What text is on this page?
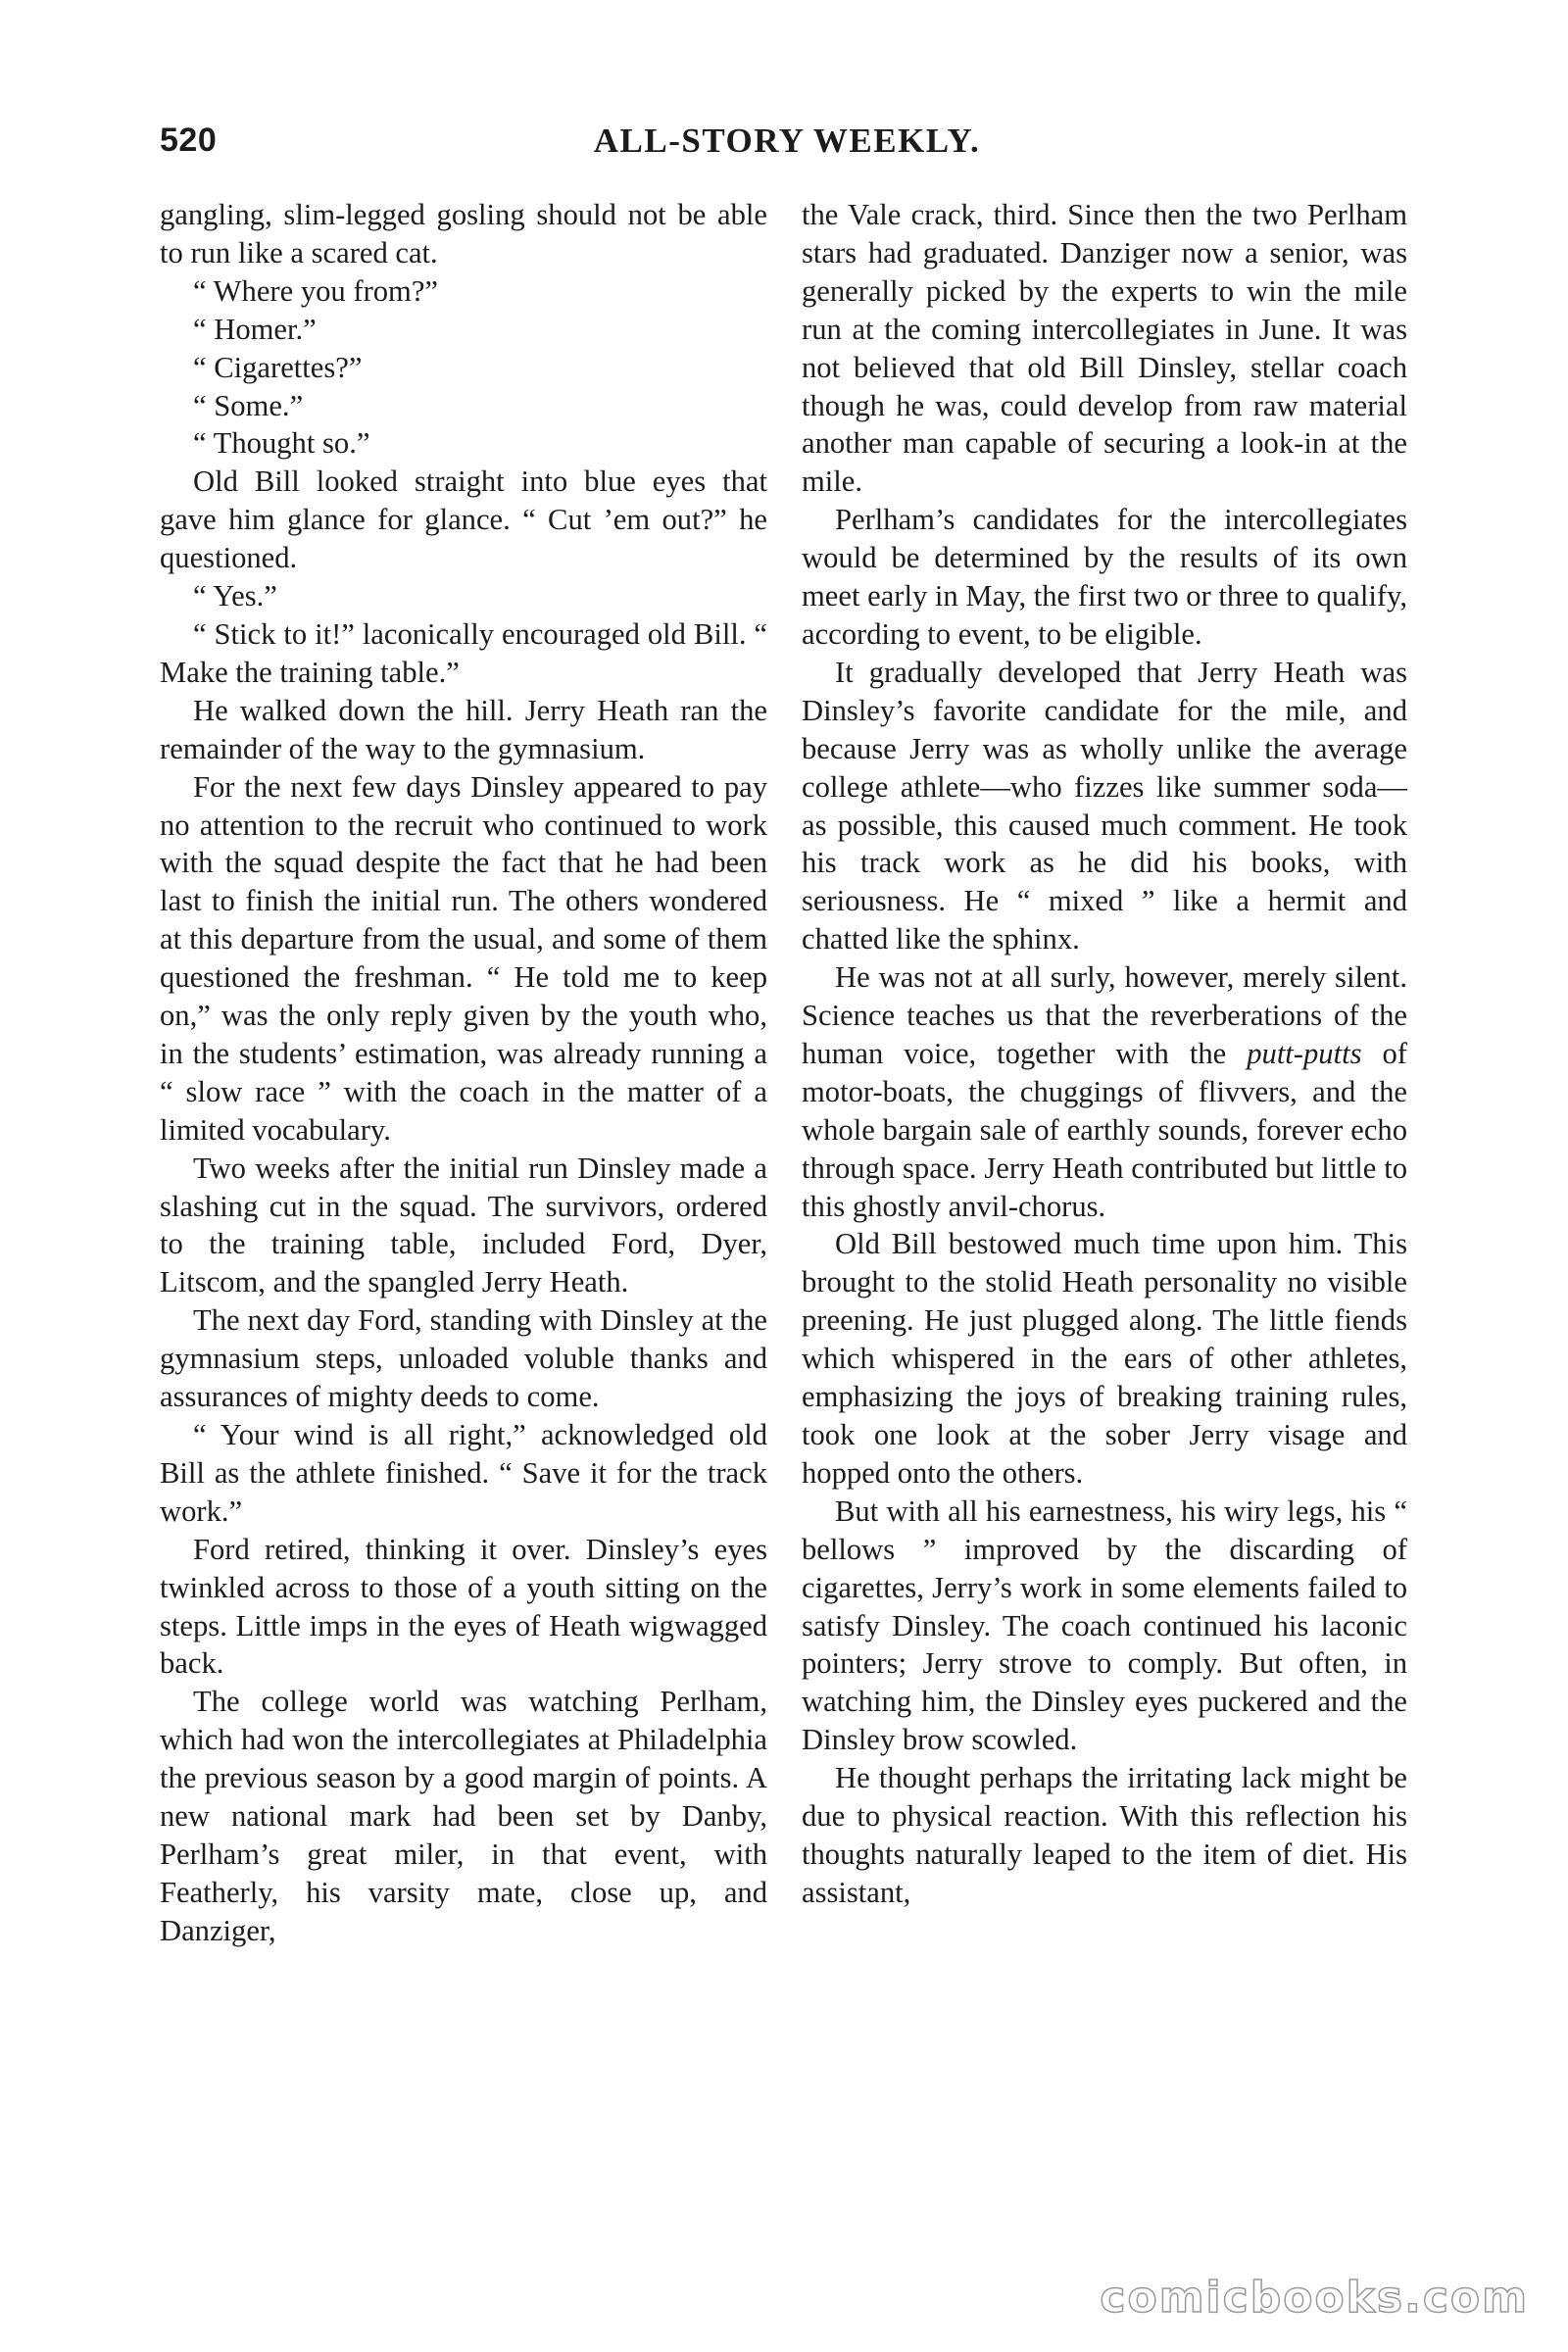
520	ALL-STORY WEEKLY.

gangling, slim-legged gosling should not be able to run like a scared cat.

“ Where you from?”

“ Homer.”

“ Cigarettes?”

“ Some.”

“ Thought so.”

Old Bill looked straight into blue eyes that gave him glance for glance. “ Cut ’em out?” he questioned.

“ Yes.”

“ Stick to it!” laconically encouraged old Bill. “ Make the training table.”

He walked down the hill. Jerry Heath ran the remainder of the way to the gymnasium.

For the next few days Dinsley appeared to pay no attention to the recruit who continued to work with the squad despite the fact that he had been last to finish the initial run. The others wondered at this departure from the usual, and some of them questioned the freshman. “ He told me to keep on,” was the only reply given by the youth who, in the students’ estimation, was already running a “ slow race ” with the coach in the matter of a limited vocabulary.

Two weeks after the initial run Dinsley made a slashing cut in the squad. The survivors, ordered to the training table, included Ford, Dyer, Litscom, and the spangled Jerry Heath.

The next day Ford, standing with Dinsley at the gymnasium steps, unloaded voluble thanks and assurances of mighty deeds to come.

“ Your wind is all right,” acknowledged old Bill as the athlete finished. “ Save it for the track work.”

Ford retired, thinking it over. Dinsley’s eyes twinkled across to those of a youth sitting on the steps. Little imps in the eyes of Heath wigwagged back.

The college world was watching Perlham, which had won the intercollegiates at Philadelphia the previous season by a good margin of points. A new national mark had been set by Danby, Perlham’s great miler, in that event, with Featherly, his varsity mate, close up, and Danziger,

the Vale crack, third. Since then the two Perlham stars had graduated. Danziger now a senior, was generally picked by the experts to win the mile run at the coming intercollegiates in June. It was not believed that old Bill Dinsley, stellar coach though he was, could develop from raw material another man capable of securing a look-in at the mile.

Perlham’s candidates for the intercollegiates would be determined by the results of its own meet early in May, the first two or three to qualify, according to event, to be eligible.

It gradually developed that Jerry Heath was Dinsley’s favorite candidate for the mile, and because Jerry was as wholly unlike the average college athlete—who fizzes like summer soda—as possible, this caused much comment. He took his track work as he did his books, with seriousness. He “ mixed ” like a hermit and chatted like the sphinx.

He was not at all surly, however, merely silent. Science teaches us that the reverberations of the human voice, together with the putt-putts of motor-boats, the chuggings of flivvers, and the whole bargain sale of earthly sounds, forever echo through space. Jerry Heath contributed but little to this ghostly anvil-chorus.

Old Bill bestowed much time upon him. This brought to the stolid Heath personality no visible preening. He just plugged along. The little fiends which whispered in the ears of other athletes, emphasizing the joys of breaking training rules, took one look at the sober Jerry visage and hopped onto the others.

But with all his earnestness, his wiry legs, his “ bellows ” improved by the discarding of cigarettes, Jerry’s work in some elements failed to satisfy Dinsley. The coach continued his laconic pointers; Jerry strove to comply. But often, in watching him, the Dinsley eyes puckered and the Dinsley brow scowled.

He thought perhaps the irritating lack might be due to physical reaction. With this reflection his thoughts naturally leaped to the item of diet. His assistant,

comicbooks.com
